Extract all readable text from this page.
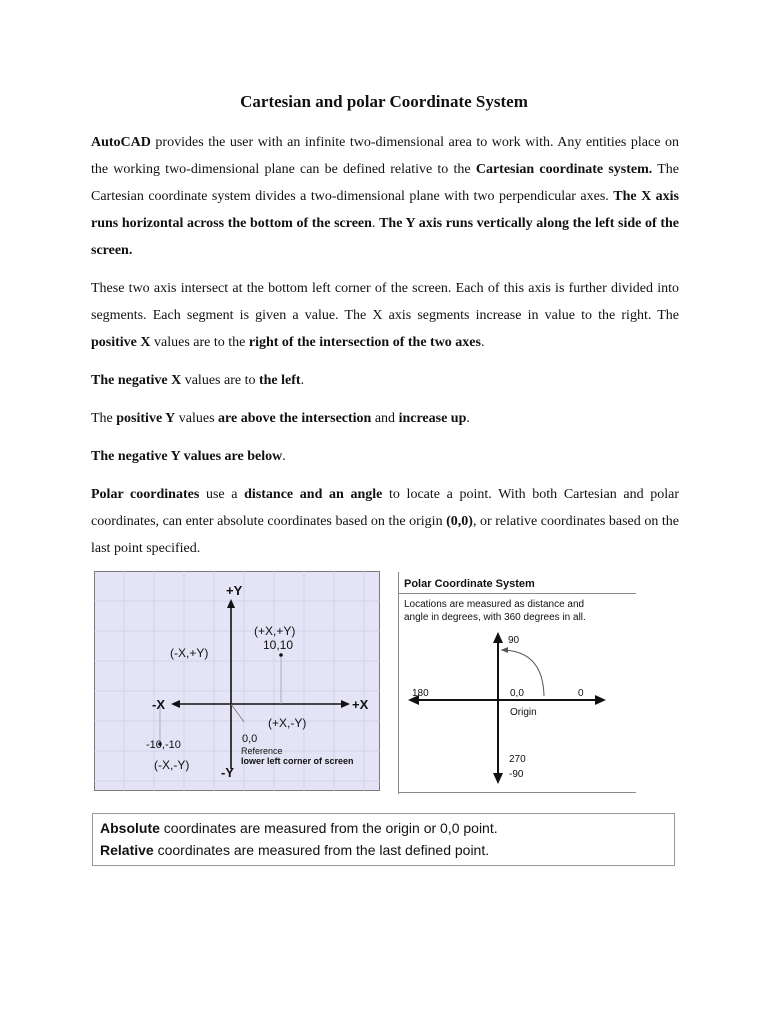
Cartesian and polar Coordinate System

AutoCAD provides the user with an infinite two-dimensional area to work with. Any entities place on the working two-dimensional plane can be defined relative to the Cartesian coordinate system. The Cartesian coordinate system divides a two-dimensional plane with two perpendicular axes. The X axis runs horizontal across the bottom of the screen. The Y axis runs vertically along the left side of the screen.

These two axis intersect at the bottom left corner of the screen. Each of this axis is further divided into segments. Each segment is given a value. The X axis segments increase in value to the right. The positive X values are to the right of the intersection of the two axes.

The negative X values are to the left.

The positive Y values are above the intersection and increase up.

The negative Y values are below.

Polar coordinates use a distance and an angle to locate a point. With both Cartesian and polar coordinates, can enter absolute coordinates based on the origin (0,0), or relative coordinates based on the last point specified.

+Y
-Y
+X
-X
(+X,+Y)
10,10
(-X,+Y)
(+X,-Y)
0,0
Reference
lower left corner of screen
-10,-10
(-X,-Y)
Polar Coordinate System
Locations are measured as distance and
angle in degrees, with 360 degrees in all.
90
180	0,0	0
Origin
270
-90
Absolute coordinates are measured from the origin or 0,0 point.
Relative coordinates are measured from the last defined point.
